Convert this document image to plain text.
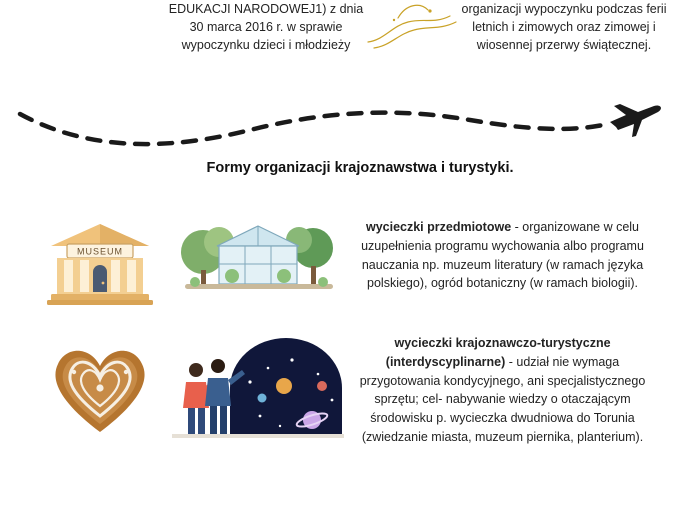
EDUKACJI NARODOWEJ1) z dnia 30 marca 2016 r. w sprawie wypoczynku dzieci i młodzieży
organizacji wypoczynku podczas ferii letnich i zimowych oraz zimowej i wiosennej przerwy świątecznej.
Formy organizacji krajoznawstwa i turystyki.
MUSEUM
wycieczki przedmiotowe - organizowane w celu uzupełnienia programu wychowania albo programu nauczania np. muzeum literatury (w ramach języka polskiego), ogród botaniczny (w ramach biologii).
wycieczki krajoznawczo-turystyczne (interdyscyplinarne) - udział nie wymaga przygotowania kondycyjnego, ani specjalistycznego sprzętu; cel- nabywanie wiedzy o otaczającym środowisku p. wycieczka dwudniowa do Torunia (zwiedzanie miasta, muzeum piernika, planterium).
